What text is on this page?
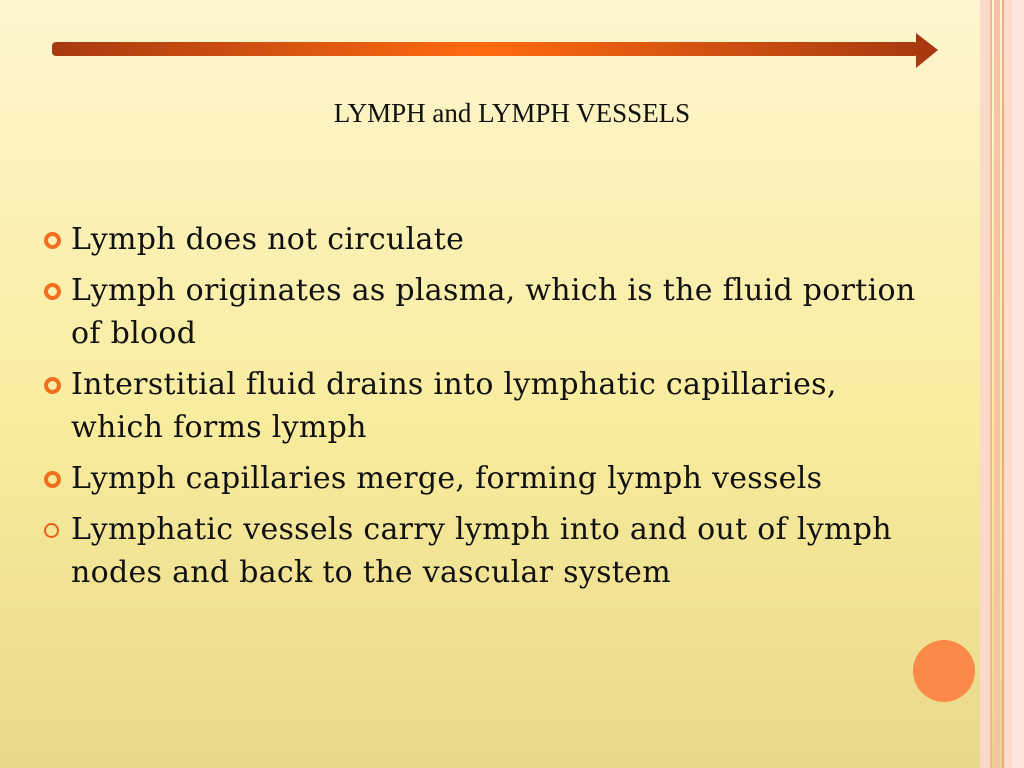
LYMPH and LYMPH VESSELS
Lymph does not circulate
Lymph originates as plasma, which is the fluid portion of blood
Interstitial fluid drains into lymphatic capillaries, which forms lymph
Lymph capillaries merge, forming lymph vessels
Lymphatic vessels carry lymph into and out of lymph nodes and back to the vascular system
